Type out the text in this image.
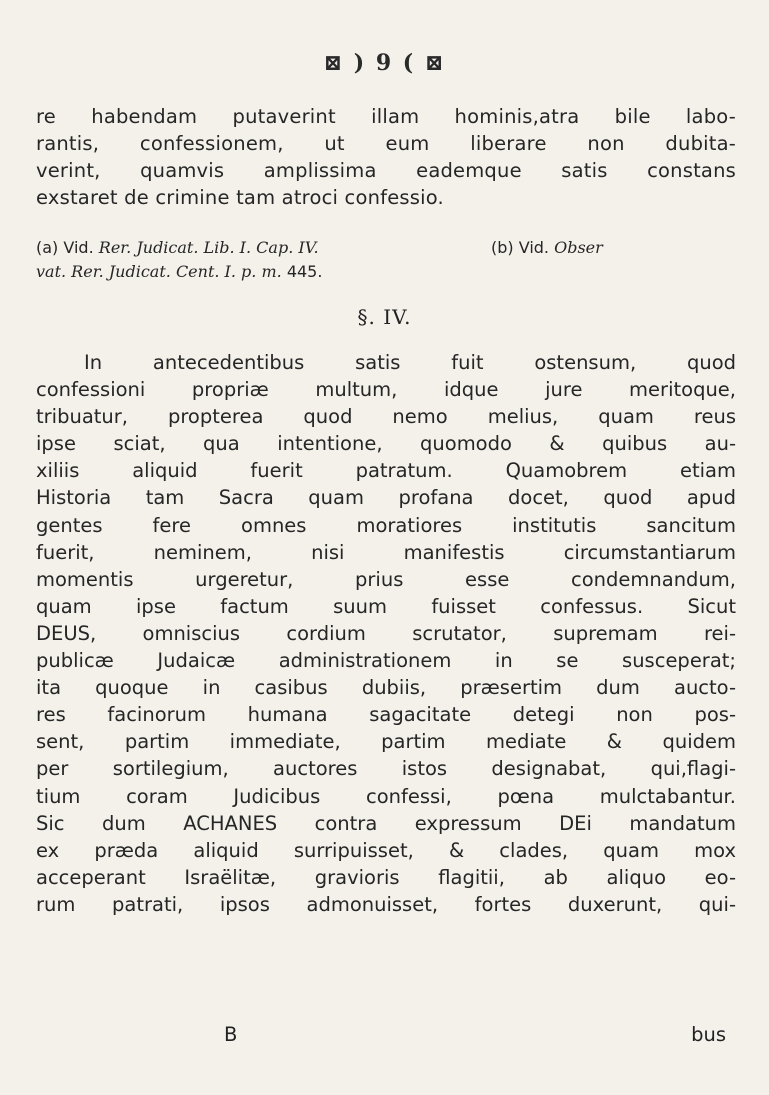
⊠ ) 9 ( ⊠
re habendam putaverint illam hominis,atra bile labo-
rantis, confessionem, ut eum liberare non dubita-
verint, quamvis amplissima eademque satis constans
exstaret de crimine tam atroci confessio.
(a) Vid. Rer. Judicat. Lib. I. Cap. IV.	(b) Vid. Obser
vat. Rer. Judicat. Cent. I. p. m. 445.
§. IV.
In antecedentibus satis fuit ostensum, quod
confessioni propriæ multum, idque jure meritoque,
tribuatur, propterea quod nemo melius, quam reus
ipse sciat, qua intentione, quomodo & quibus au-
xiliis aliquid fuerit patratum. Quamobrem etiam
Historia tam Sacra quam profana docet, quod apud
gentes fere omnes moratiores institutis sancitum
fuerit, neminem, nisi manifestis circumstantiarum
momentis urgeretur, prius esse condemnandum,
quam ipse factum suum fuisset confessus. Sicut
DEUS, omniscius cordium scrutator, supremam rei-
publicæ Judaicæ administrationem in se susceperat;
ita quoque in casibus dubiis, præsertim dum aucto-
res facinorum humana sagacitate detegi non pos-
sent, partim immediate, partim mediate & quidem
per sortilegium, auctores istos designabat, qui,flagi-
tium coram Judicibus confessi, pœna mulctabantur.
Sic dum ACHANES contra expressum DEi mandatum
ex præda aliquid surripuisset, & clades, quam mox
acceperant Israëlitæ, gravioris flagitii, ab aliquo eo-
rum patrati, ipsos admonuisset, fortes duxerunt, qui-
B	bus
